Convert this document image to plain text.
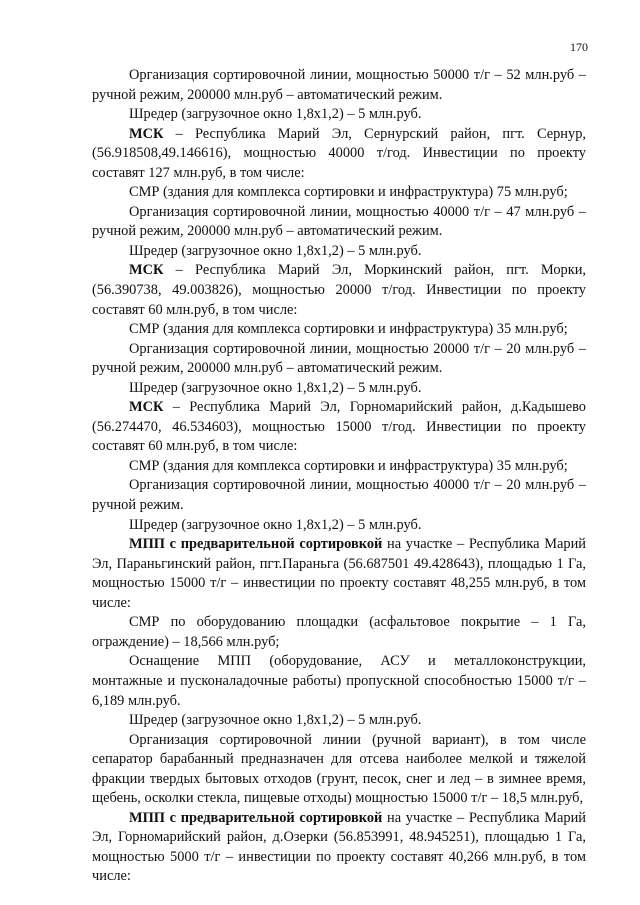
170

Организация сортировочной линии, мощностью 50000 т/г – 52 млн.руб – ручной режим, 200000 млн.руб – автоматический режим.

Шредер (загрузочное окно 1,8х1,2) – 5 млн.руб.

МСК – Республика Марий Эл, Сернурский район, пгт. Сернур, (56.918508,49.146616), мощностью 40000 т/год. Инвестиции по проекту составят 127 млн.руб, в том числе:

СМР (здания для комплекса сортировки и инфраструктура) 75 млн.руб;

Организация сортировочной линии, мощностью 40000 т/г – 47 млн.руб – ручной режим, 200000 млн.руб – автоматический режим.

Шредер (загрузочное окно 1,8х1,2) – 5 млн.руб.

МСК – Республика Марий Эл, Моркинский район, пгт. Морки, (56.390738, 49.003826), мощностью 20000 т/год. Инвестиции по проекту составят 60 млн.руб, в том числе:

СМР (здания для комплекса сортировки и инфраструктура) 35 млн.руб;

Организация сортировочной линии, мощностью 20000 т/г – 20 млн.руб – ручной режим, 200000 млн.руб – автоматический режим.

Шредер (загрузочное окно 1,8х1,2) – 5 млн.руб.

МСК – Республика Марий Эл, Горномарийский район, д.Кадышево (56.274470, 46.534603), мощностью 15000 т/год. Инвестиции по проекту составят 60 млн.руб, в том числе:

СМР (здания для комплекса сортировки и инфраструктура) 35 млн.руб;

Организация сортировочной линии, мощностью 40000 т/г – 20 млн.руб – ручной режим.

Шредер (загрузочное окно 1,8х1,2) – 5 млн.руб.

МПП с предварительной сортировкой на участке – Республика Марий Эл, Параньгинский район, пгт.Параньга (56.687501 49.428643), площадью 1 Га, мощностью 15000 т/г – инвестиции по проекту составят 48,255 млн.руб, в том числе:

СМР по оборудованию площадки (асфальтовое покрытие – 1 Га, ограждение) – 18,566 млн.руб;

Оснащение МПП (оборудование, АСУ и металлоконструкции, монтажные и пусконаладочные работы) пропускной способностью 15000 т/г – 6,189 млн.руб.

Шредер (загрузочное окно 1,8х1,2) – 5 млн.руб.

Организация сортировочной линии (ручной вариант), в том числе сепаратор барабанный предназначен для отсева наиболее мелкой и тяжелой фракции твердых бытовых отходов (грунт, песок, снег и лед – в зимнее время, щебень, осколки стекла, пищевые отходы) мощностью 15000 т/г – 18,5 млн.руб,

МПП с предварительной сортировкой на участке – Республика Марий Эл, Горномарийский район, д.Озерки (56.853991, 48.945251), площадью 1 Га, мощностью 5000 т/г – инвестиции по проекту составят 40,266 млн.руб, в том числе:
